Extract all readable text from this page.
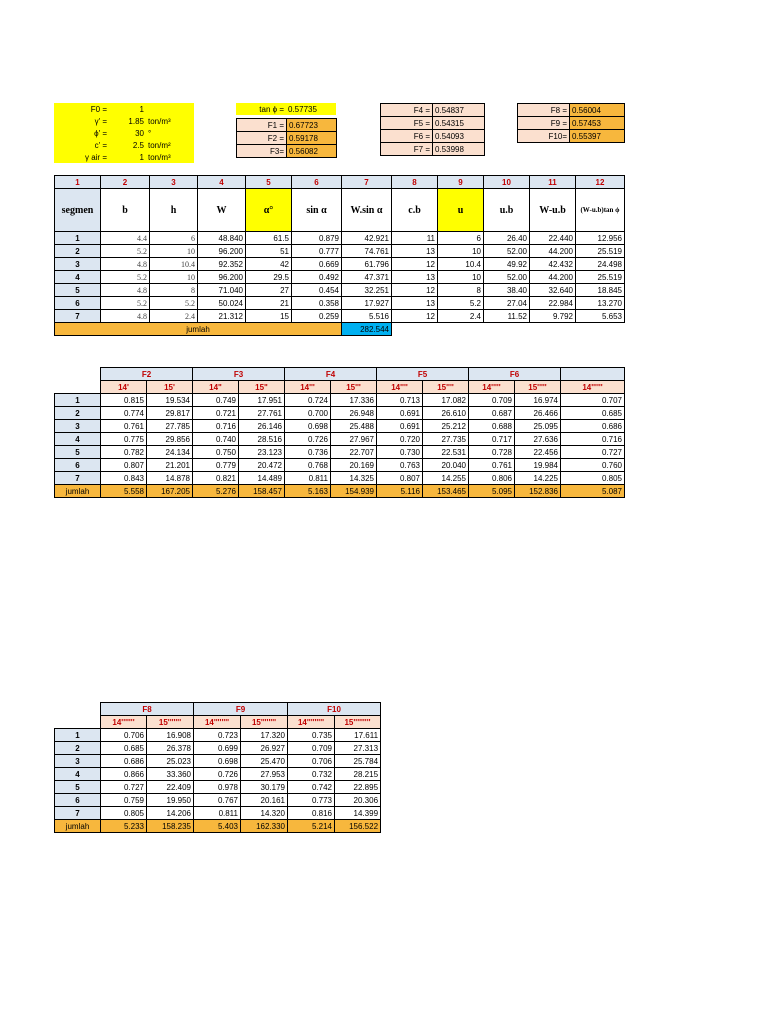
F0 =	1	
γ' =	1.85	ton/m³
ϕ' =	30	°
c' =	2.5	ton/m²
γ air =	1	ton/m³
tan ϕ =	0.57735
F1 =	0.67723
F2 =	0.59178
F3=	0.56082
F4 =	0.54837
F5 =	0.54315
F6 =	0.54093
F7 =	0.53998
F8 =	0.56004
F9 =	0.57453
F10=	0.55397
1	2	3	4	5	6	7	8	9	10	11	12
segmen	b	h	W	α°	sin α	W.sin α	c.b	u	u.b	W-u.b	(W-u.b)tan ϕ
1	4.4	6	48.840	61.5	0.879	42.921	11	6	26.40	22.440	12.956
2	5.2	10	96.200	51	0.777	74.761	13	10	52.00	44.200	25.519
3	4.8	10.4	92.352	42	0.669	61.796	12	10.4	49.92	42.432	24.498
4	5.2	10	96.200	29.5	0.492	47.371	13	10	52.00	44.200	25.519
5	4.8	8	71.040	27	0.454	32.251	12	8	38.40	32.640	18.845
6	5.2	5.2	50.024	21	0.358	17.927	13	5.2	27.04	22.984	13.270
7	4.8	2.4	21.312	15	0.259	5.516	12	2.4	11.52	9.792	5.653
jumlah						282.544					
	F2		F3		F4		F5		F6		
	14'	15'	14"	15"	14'''	15'''	14''''	15''''	14'''''	15'''''	14''''''
1	0.815	19.534	0.749	17.951	0.724	17.336	0.713	17.082	0.709	16.974	0.707
2	0.774	29.817	0.721	27.761	0.700	26.948	0.691	26.610	0.687	26.466	0.685
3	0.761	27.785	0.716	26.146	0.698	25.488	0.691	25.212	0.688	25.095	0.686
4	0.775	29.856	0.740	28.516	0.726	27.967	0.720	27.735	0.717	27.636	0.716
5	0.782	24.134	0.750	23.123	0.736	22.707	0.730	22.531	0.728	22.456	0.727
6	0.807	21.201	0.779	20.472	0.768	20.169	0.763	20.040	0.761	19.984	0.760
7	0.843	14.878	0.821	14.489	0.811	14.325	0.807	14.255	0.806	14.225	0.805
jumlah	5.558	167.205	5.276	158.457	5.163	154.939	5.116	153.465	5.095	152.836	5.087
	F8		F9		F10	
	14'''''''	15'''''''	14''''''''	15''''''''	14'''''''''	15'''''''''
1	0.706	16.908	0.723	17.320	0.735	17.611
2	0.685	26.378	0.699	26.927	0.709	27.313
3	0.686	25.023	0.698	25.470	0.706	25.784
4	0.866	33.360	0.726	27.953	0.732	28.215
5	0.727	22.409	0.978	30.179	0.742	22.895
6	0.759	19.950	0.767	20.161	0.773	20.306
7	0.805	14.206	0.811	14.320	0.816	14.399
jumlah	5.233	158.235	5.403	162.330	5.214	156.522
